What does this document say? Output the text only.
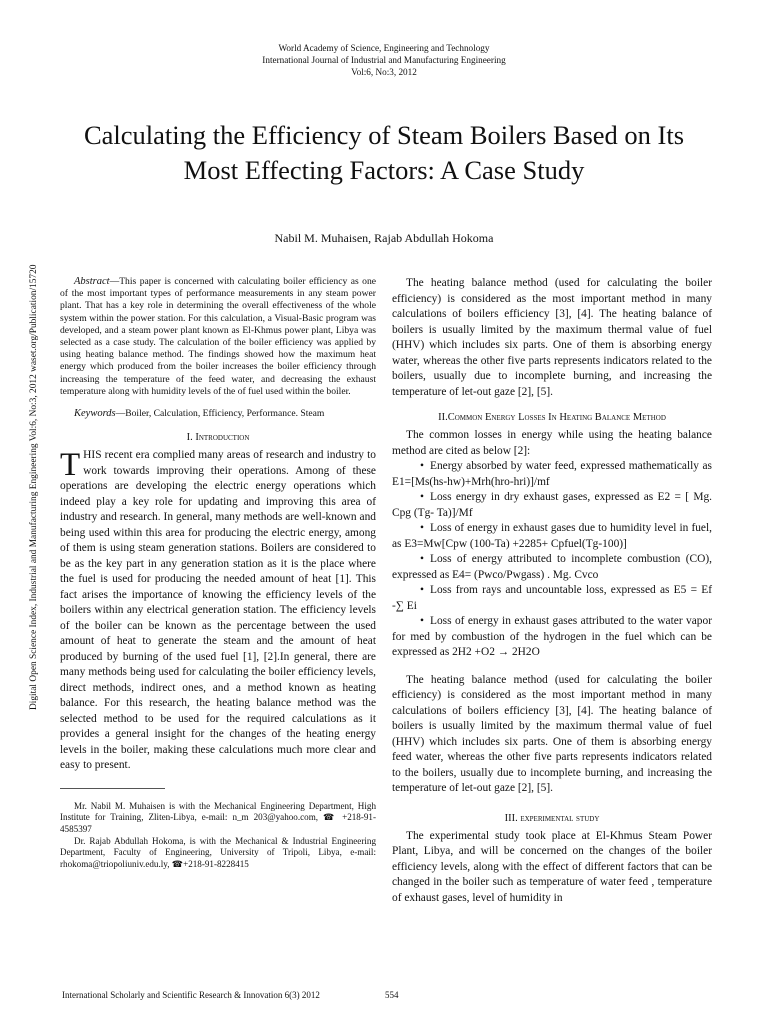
World Academy of Science, Engineering and Technology
International Journal of Industrial and Manufacturing Engineering
Vol:6, No:3, 2012
Calculating the Efficiency of Steam Boilers Based on Its Most Effecting Factors: A Case Study
Nabil M. Muhaisen, Rajab Abdullah Hokoma
Digital Open Science Index, Industrial and Manufacturing Engineering Vol:6, No:3, 2012 waset.org/Publication/15720	Abstract—This paper is concerned with calculating boiler efficiency as one of the most important types of performance measurements in any steam power plant. That has a key role in determining the overall effectiveness of the whole system within the power station. For this calculation, a Visual-Basic program was developed, and a steam power plant known as El-Khmus power plant, Libya was selected as a case study. The calculation of the boiler efficiency was applied by using heating balance method. The findings showed how the maximum heat energy which produced from the boiler increases the boiler efficiency through increasing the temperature of the feed water, and decreasing the exhaust temperature along with humidity levels of the of fuel used within the boiler.

Keywords—Boiler, Calculation, Efficiency, Performance. Steam

I. Introduction

THIS recent era complied many areas of research and industry to work towards improving their operations. Among of these operations are developing the electric energy operations which indeed play a key role for updating and improving this area of industry and research. In general, many methods are well-known and being used within this area for producing the electric energy, among of them is using steam generation stations. Boilers are considered to be as the key part in any generation station as it is the place where the fuel is used for producing the needed amount of heat [1]. This fact arises the importance of knowing the efficiency levels of the boilers within any electrical generation station. The efficiency levels of the boiler can be known as the percentage between the used amount of heat to generate the steam and the amount of heat produced by burning of the used fuel [1], [2].In general, there are many methods being used for calculating the boiler efficiency levels, direct methods, indirect ones, and a method known as heating balance. For this research, the heating balance method was the selected method to be used for the required calculations as it provides a general insight for the changes of the heating energy levels in the boiler, making these calculations much more clear and easy to present.

Mr. Nabil M. Muhaisen is with the Mechanical Engineering Department, High Institute for Training, Zliten-Libya, e-mail: n_m 203@yahoo.com, ☎ +218-91-4585397

Dr. Rajab Abdullah Hokoma, is with the Mechanical & Industrial Engineering Department, Faculty of Engineering, University of Tripoli, Libya, e-mail: rhokoma@triopoliuniv.edu.ly, ☎+218-91-8228415

The heating balance method (used for calculating the boiler efficiency) is considered as the most important method in many calculations of boilers efficiency [3], [4]. The heating balance of boilers is usually limited by the maximum thermal value of fuel (HHV) which includes six parts. One of them is absorbing energy water, whereas the other five parts represents indicators related to the boilers, usually due to incomplete burning, and increasing the temperature of let-out gaze [2], [5].

II.Common Energy Losses In Heating Balance Method

The common losses in energy while using the heating balance method are cited as below [2]:

• Energy absorbed by water feed, expressed mathematically as E1=[Ms(hs-hw)+Mrh(hro-hri)]/mf

• Loss energy in dry exhaust gases, expressed as E2 = [ Mg. Cpg (Tg- Ta)]/Mf

• Loss of energy in exhaust gases due to humidity level in fuel, as E3=Mw[Cpw (100-Ta) +2285+ Cpfuel(Tg-100)]

• Loss of energy attributed to incomplete combustion (CO), expressed as E4= (Pwco/Pwgass) . Mg. Cvco

• Loss from rays and uncountable loss, expressed as E5 = Ef -∑ Ei

• Loss of energy in exhaust gases attributed to the water vapor for med by combustion of the hydrogen in the fuel which can be expressed as 2H2 +O2 → 2H2O

The heating balance method (used for calculating the boiler efficiency) is considered as the most important method in many calculations of boilers efficiency [3], [4]. The heating balance of boilers is usually limited by the maximum thermal value of fuel (HHV) which includes six parts. One of them is absorbing energy feed water, whereas the other five parts represents indicators related to the boilers, usually due to incomplete burning, and increasing the temperature of let-out gaze [2], [5].

III. experimental study

The experimental study took place at El-Khmus Steam Power Plant, Libya, and will be concerned on the changes of the boiler efficiency levels, along with the effect of different factors that can be changed in the boiler such as temperature of water feed , temperature of exhaust gases, level of humidity in

International Scholarly and Scientific Research & Innovation 6(3) 2012	554
